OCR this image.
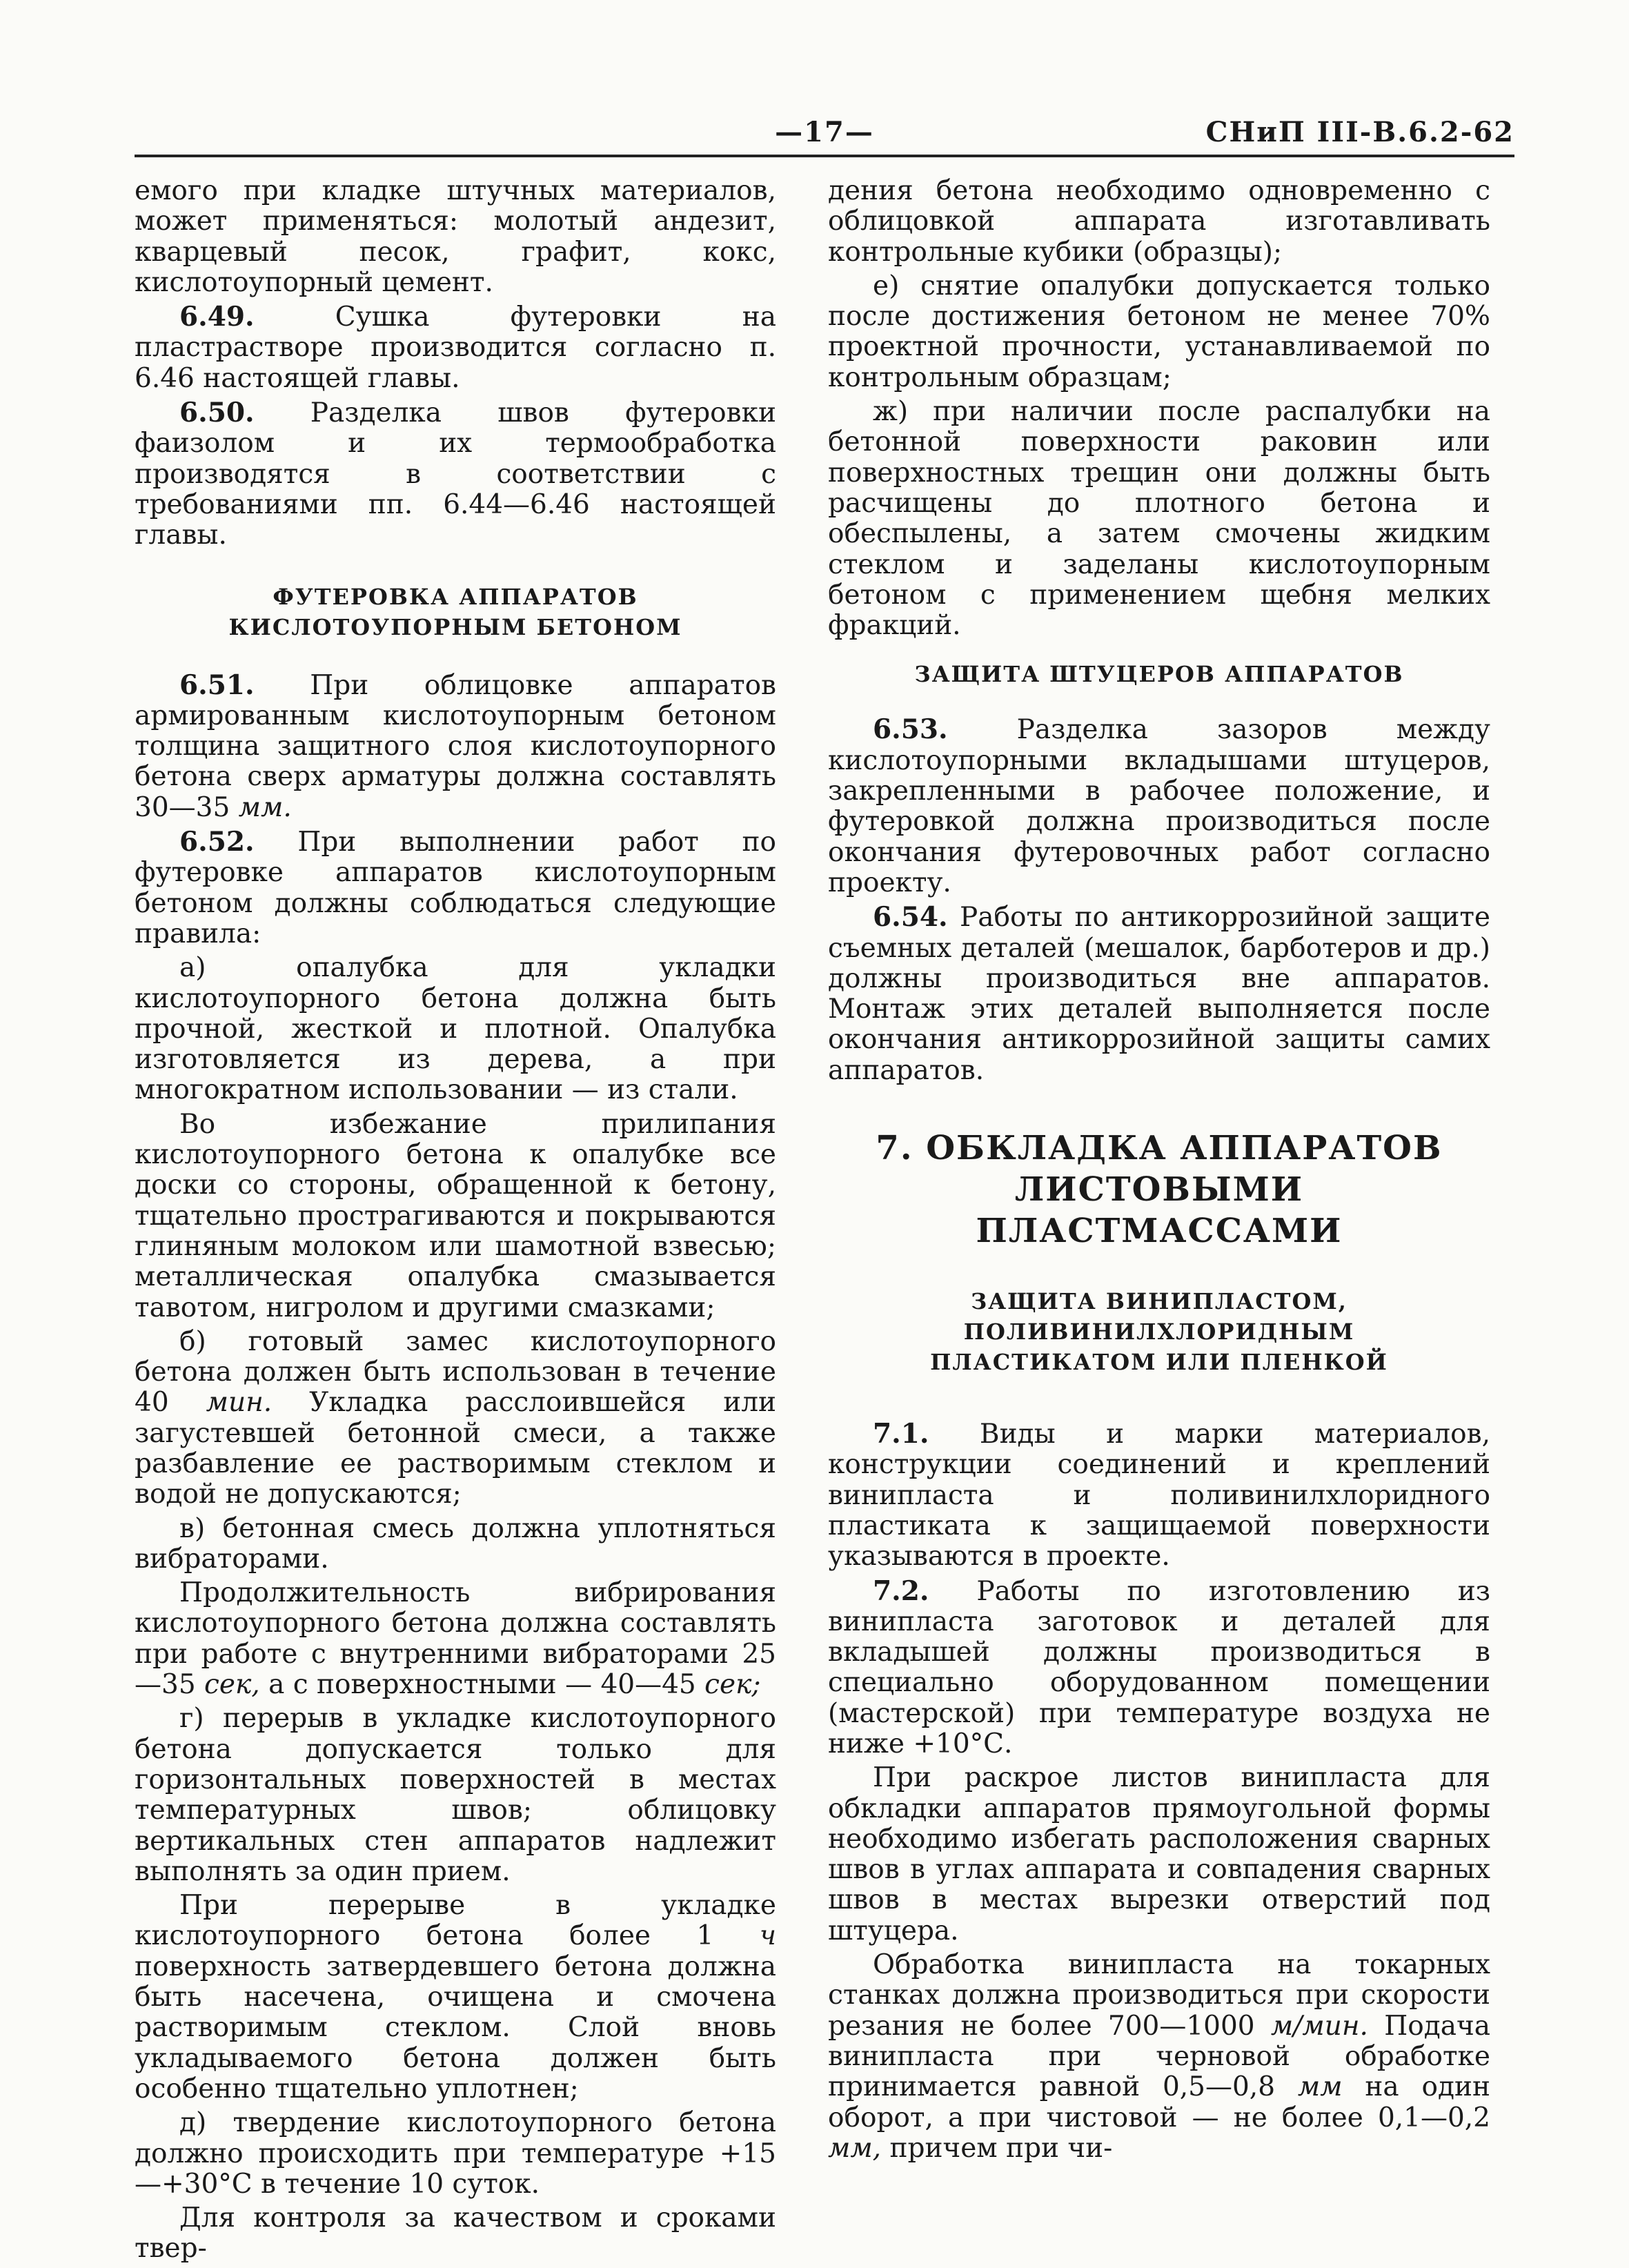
—17—	СНиП III-В.6.2-62

емого при кладке штучных материалов, может применяться: молотый андезит, кварцевый песок, графит, кокс, кислотоупорный цемент.

6.49.	Сушка футеровки на пластрастворе производится согласно п. 6.46 настоящей главы.

6.50. Разделка швов футеровки фаизолом и их термообработка производятся в соответствии с требованиями пп. 6.44—6.46 настоящей главы.

ФУТЕРОВКА АППАРАТОВ КИСЛОТОУПОРНЫМ БЕТОНОМ

6.51. При облицовке аппаратов армированным кислотоупорным бетоном толщина защитного слоя кислотоупорного бетона сверх арматуры должна составлять 30—35 мм.

6.52. При выполнении работ по футеровке аппаратов кислотоупорным бетоном должны соблюдаться следующие правила:

а) опалубка для укладки кислотоупорного бетона должна быть прочной, жесткой и плотной. Опалубка изготовляется из дерева, а при многократном использовании — из стали.

Во избежание прилипания кислотоупорного бетона к опалубке все доски со стороны, обращенной к бетону, тщательно прострагиваются и покрываются глиняным молоком или шамотной взвесью; металлическая опалубка смазывается тавотом, нигролом и другими смазками;

б) готовый замес кислотоупорного бетона должен быть использован в течение 40 мин. Укладка расслоившейся или загустевшей бетонной смеси, а также разбавление ее растворимым стеклом и водой не допускаются;

в) бетонная смесь должна уплотняться вибраторами.

Продолжительность вибрирования кислотоупорного бетона должна составлять при работе с внутренними вибраторами 25—35 сек, а с поверхностными — 40—45 сек;

г) перерыв в укладке кислотоупорного бетона допускается только для горизонтальных поверхностей в местах температурных швов; облицовку вертикальных стен аппаратов надлежит выполнять за один прием.

При перерыве в укладке кислотоупорного бетона более 1 ч поверхность затвердевшего бетона должна быть насечена, очищена и смочена растворимым стеклом. Слой вновь укладываемого бетона должен быть особенно тщательно уплотнен;

д) твердение кислотоупорного бетона должно происходить при температуре +15—+30°С в течение 10 суток.

Для контроля за качеством и сроками твер-

дения бетона необходимо одновременно с облицовкой аппарата изготавливать контрольные кубики (образцы);

е) снятие опалубки допускается только после достижения бетоном не менее 70% проектной прочности, устанавливаемой по контрольным образцам;

ж) при наличии после распалубки на бетонной поверхности раковин или поверхностных трещин они должны быть расчищены до плотного бетона и обеспылены, а затем смочены жидким стеклом и заделаны кислотоупорным бетоном с применением щебня мелких фракций.

ЗАЩИТА ШТУЦЕРОВ АППАРАТОВ

6.53.	Разделка зазоров между кислотоупорными вкладышами штуцеров, закрепленными в рабочее положение, и футеровкой должна производиться после окончания футеровочных работ согласно проекту.

6.54. Работы по антикоррозийной защите съемных деталей (мешалок, барботеров и др.) должны производиться вне аппаратов. Монтаж этих деталей выполняется после окончания антикоррозийной защиты самих аппаратов.

7. ОБКЛАДКА АППАРАТОВ ЛИСТОВЫМИ ПЛАСТМАССАМИ
ЗАЩИТА ВИНИПЛАСТОМ, ПОЛИВИНИЛХЛОРИДНЫМ ПЛАСТИКАТОМ ИЛИ ПЛЕНКОЙ

7.1. Виды и марки материалов, конструкции соединений и креплений винипласта и поливинилхлоридного пластиката к защищаемой поверхности указываются в проекте.

7.2. Работы по изготовлению из винипласта заготовок и деталей для вкладышей должны производиться в специально оборудованном помещении (мастерской) при температуре воздуха не ниже +10°С.

При раскрое листов винипласта для обкладки аппаратов прямоугольной формы необходимо избегать расположения сварных швов в углах аппарата и совпадения сварных швов в местах вырезки отверстий под штуцера.

Обработка винипласта на токарных станках должна производиться при скорости резания не более 700—1000 м/мин. Подача винипласта при черновой обработке принимается равной 0,5—0,8 мм на один оборот, а при чистовой — не более 0,1—0,2 мм, причем при чи-
